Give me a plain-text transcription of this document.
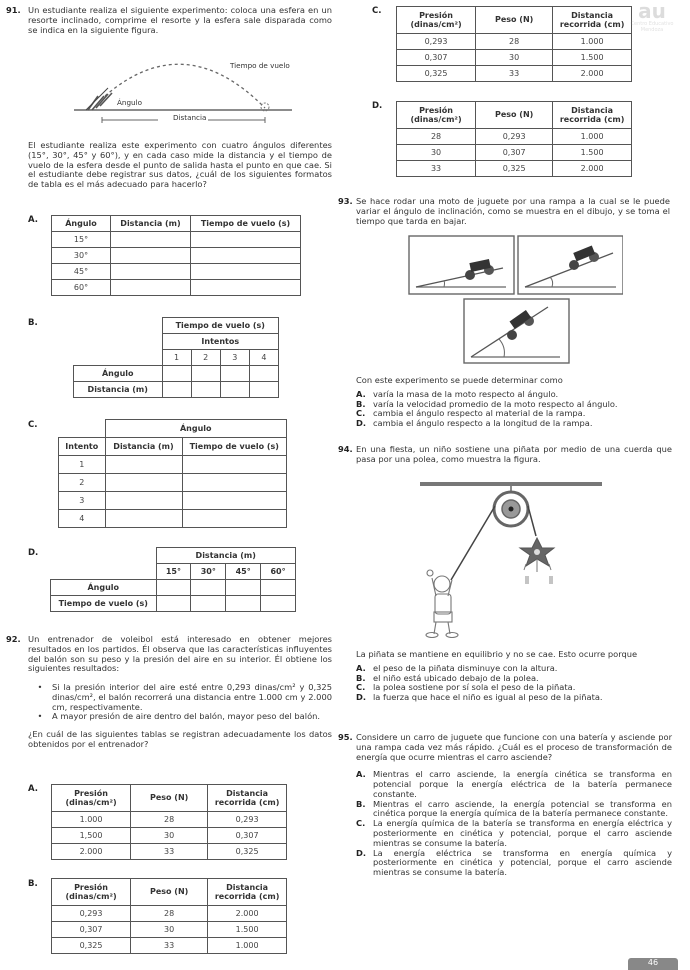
91. Un estudiante realiza el siguiente experimento: coloca una esfera en un resorte inclinado, comprime el resorte y la esfera sale disparada como se indica en la siguiente figura.
Tiempo de vuelo
Ángulo
Distancia
El estudiante realiza este experimento con cuatro ángulos diferentes (15°, 30°, 45° y 60°), y en cada caso mide la distancia y el tiempo de vuelo de la esfera desde el punto de salida hasta el punto en que cae. Si el estudiante debe registrar sus datos, ¿cuál de los siguientes formatos de tabla es el más adecuado para hacerlo?
A.	Ángulo	Distancia (m)	Tiempo de vuelo (s)
15°		
30°		
45°		
60°		
B.
		Tiempo de vuelo (s)			
	Intentos			
	1	2	3	4
Ángulo				
Distancia (m)				
C.
		Ángulo	
Intento	Distancia (m)	Tiempo de vuelo (s)
1		
2		
3		
4		
D.
		Distancia (m)			
	15°	30°	45°	60°
Ángulo				
Tiempo de vuelo (s)				
92. Un entrenador de voleibol está interesado en obtener mejores resultados en los partidos. Él observa que las características influyentes del balón son su peso y la presión del aire en su interior. Él obtiene los siguientes resultados:
•	Si la presión interior del aire esté entre 0,293 dinas/cm² y 0,325 dinas/cm², el balón recorrerá una distancia entre 1.000 cm y 2.000 cm, respectivamente.
•	A mayor presión de aire dentro del balón, mayor peso del balón.
¿En cuál de las siguientes tablas se registran adecuadamente los datos obtenidos por el entrenador?
A.	Presión (dinas/cm²)	Peso (N)	Distancia recorrida (cm)
1.000	28	0,293
1,500	30	0,307
2.000	33	0,325
B.	Presión (dinas/cm²)	Peso (N)	Distancia recorrida (cm)
0,293	28	2.000
0,307	30	1.500
0,325	33	1.000
C.	Presión (dinas/cm²)	Peso (N)	Distancia recorrida (cm)
0,293	28	1.000
0,307	30	1.500
0,325	33	2.000
D.	Presión (dinas/cm²)	Peso (N)	Distancia recorrida (cm)
28	0,293	1.000
30	0,307	1.500
33	0,325	2.000
93. Se hace rodar una moto de juguete por una rampa a la cual se le puede variar el ángulo de inclinación, como se muestra en el dibujo, y se toma el tiempo que tarda en bajar.
Con este experimento se puede determinar como
A. varía la masa de la moto respecto al ángulo.
B. varía la velocidad promedio de la moto respecto al ángulo.
C. cambia el ángulo respecto al material de la rampa.
D. cambia el ángulo respecto a la longitud de la rampa.
94. En una fiesta, un niño sostiene una piñata por medio de una cuerda que pasa por una polea, como muestra la figura.
La piñata se mantiene en equilibrio y no se cae. Esto ocurre porque
A. el peso de la piñata disminuye con la altura.
B. el niño está ubicado debajo de la polea.
C. la polea sostiene por sí sola el peso de la piñata.
D. la fuerza que hace el niño es igual al peso de la piñata.
95. Considere un carro de juguete que funcione con una batería y asciende por una rampa cada vez más rápido. ¿Cuál es el proceso de transformación de energía que ocurre mientras el carro asciende?
A. Mientras el carro asciende, la energía cinética se transforma en potencial porque la energía eléctrica de la batería permanece constante.
B. Mientras el carro asciende, la energía potencial se transforma en cinética porque la energía química de la batería permanece constante.
C. La energía química de la batería se transforma en energía eléctrica y posteriormente en cinética y potencial, porque el carro asciende mientras se consume la batería.
D. La energía eléctrica se transforma en energía química y posteriormente en cinética y potencial, porque el carro asciende mientras se consume la batería.
au
Centro Educativo Mendoza
46
